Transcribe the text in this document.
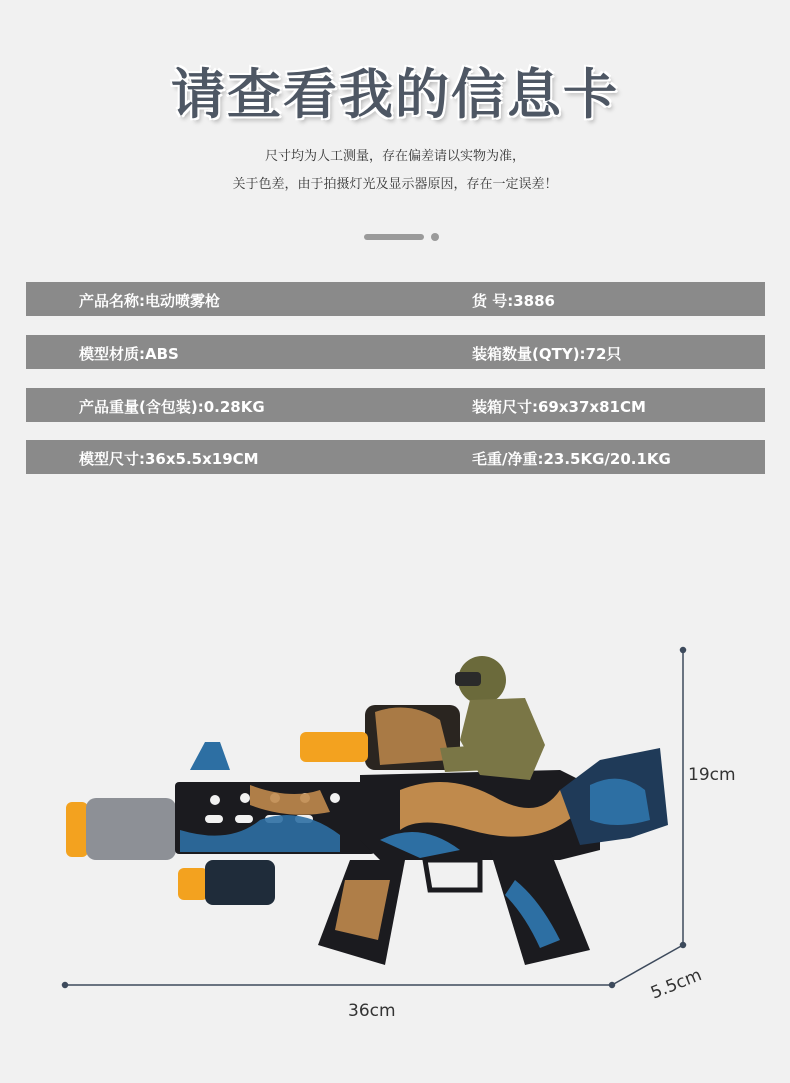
请查看我的信息卡
尺寸均为人工测量，存在偏差请以实物为准，
关于色差，由于拍摄灯光及显示器原因，存在一定误差！
产品名称:电动喷雾枪	货 号:3886
模型材质:ABS	装箱数量(QTY):72只
产品重量(含包装):0.28KG	装箱尺寸:69x37x81CM
模型尺寸:36x5.5x19CM	毛重/净重:23.5KG/20.1KG
19cm
36cm
5.5cm
